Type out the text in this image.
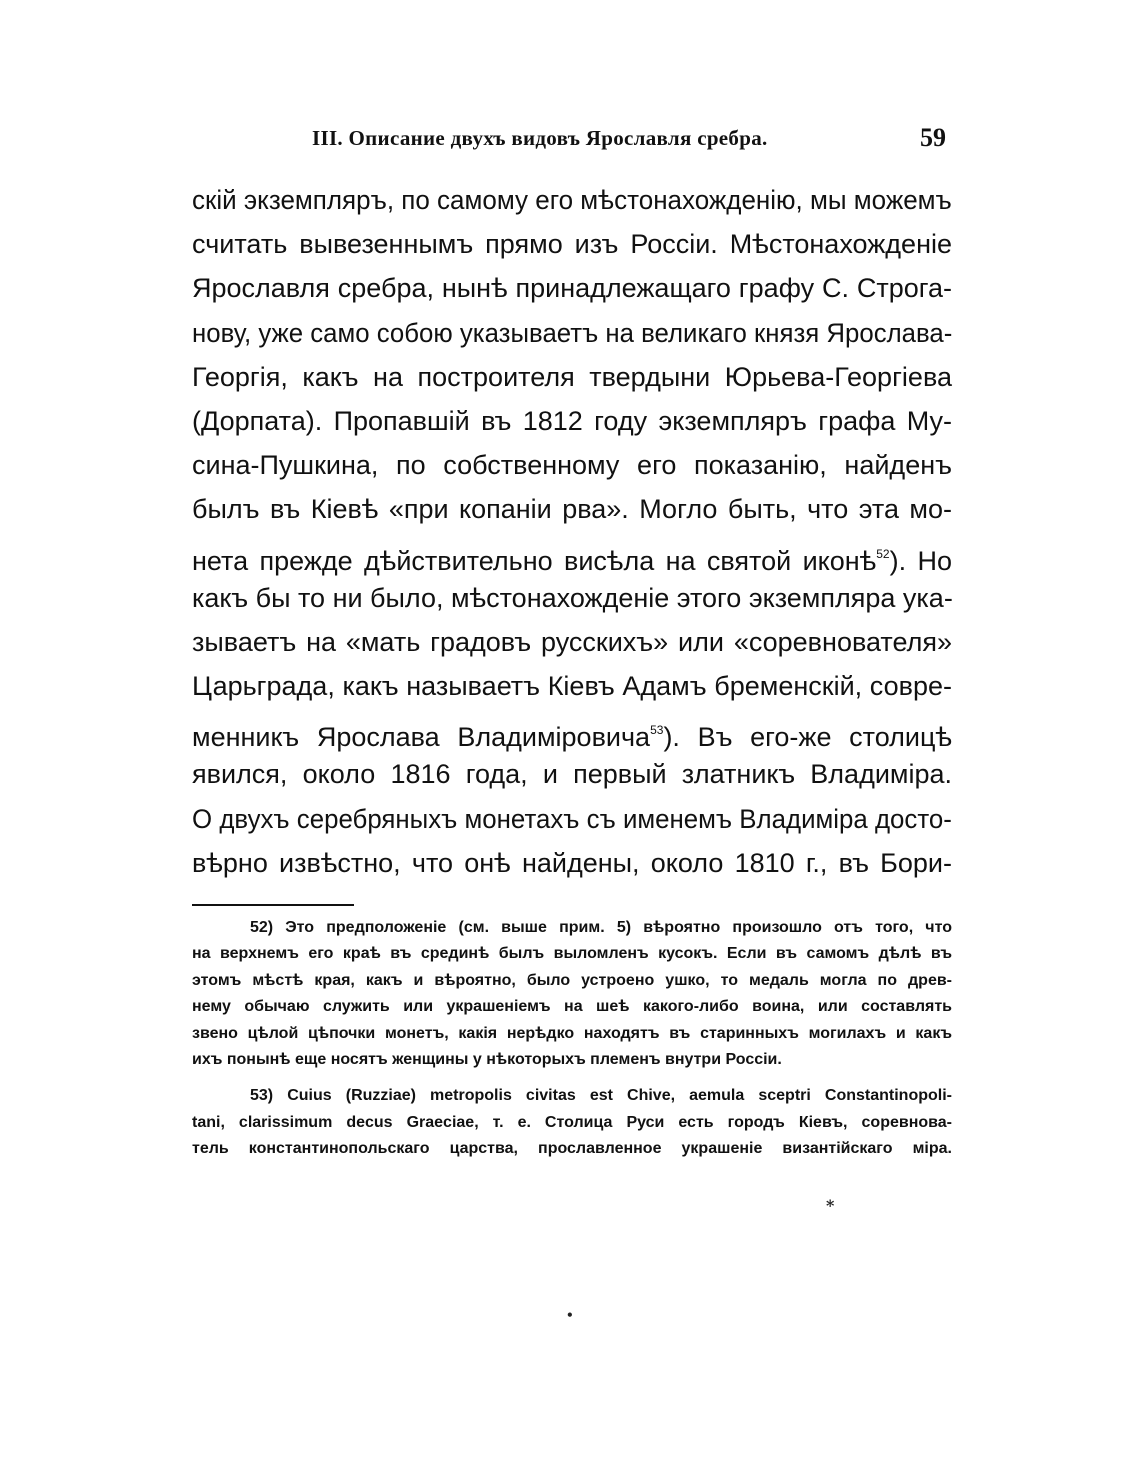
III. Описание двухъ видовъ Ярославля сребра.	59
скій экземпляръ, по самому его мѣстонахожденію, мы можемъ
считать вывезеннымъ прямо изъ Россіи. Мѣстонахожденіе
Ярославля сребра, нынѣ принадлежащаго графу С. Строга-
нову, уже само собою указываетъ на великаго князя Ярослава-
Георгія, какъ на построителя твердыни Юрьева-Георгіева
(Дорпата). Пропавшій въ 1812 году экземпляръ графа Му-
сина-Пушкина, по собственному его показанію, найденъ
былъ въ Кіевѣ «при копаніи рва». Могло быть, что эта мо-
нета прежде дѣйствительно висѣла на святой иконѣ$^{52}$). Но
какъ бы то ни было, мѣстонахожденіе этого экземпляра ука-
зываетъ на «мать градовъ русскихъ» или «соревнователя»
Царьграда, какъ называетъ Кіевъ Адамъ бременскій, совре-
менникъ Ярослава Владиміровича$^{53}$). Въ его-же столицѣ
явился, около 1816 года, и первый златникъ Владиміра.
О двухъ серебряныхъ монетахъ съ именемъ Владиміра досто-
вѣрно извѣстно, что онѣ найдены, около 1810 г., въ Бори-
52) Это предположеніе (см. выше прим. 5) вѣроятно произошло отъ того, что
на верхнемъ его краѣ въ срединѣ былъ выломленъ кусокъ. Если въ самомъ дѣлѣ въ
этомъ мѣстѣ края, какъ и вѣроятно, было устроено ушко, то медаль могла по древ-
нему обычаю служить или украшеніемъ на шеѣ какого-либо воина, или составлять
звено цѣлой цѣпочки монетъ, какія нерѣдко находятъ въ старинныхъ могилахъ и какъ
ихъ понынѣ еще носятъ женщины у нѣкоторыхъ племенъ внутри Россіи.
53) Cuius (Ruzziae) metropolis civitas est Chive, aemula sceptri Constantinopoli-
tani, clarissimum decus Graeciae, т. е. Столица Руси есть городъ Кіевъ, соревнова-
тель константинопольскаго царства, прославленное украшеніе византійскаго міра.
*
•
